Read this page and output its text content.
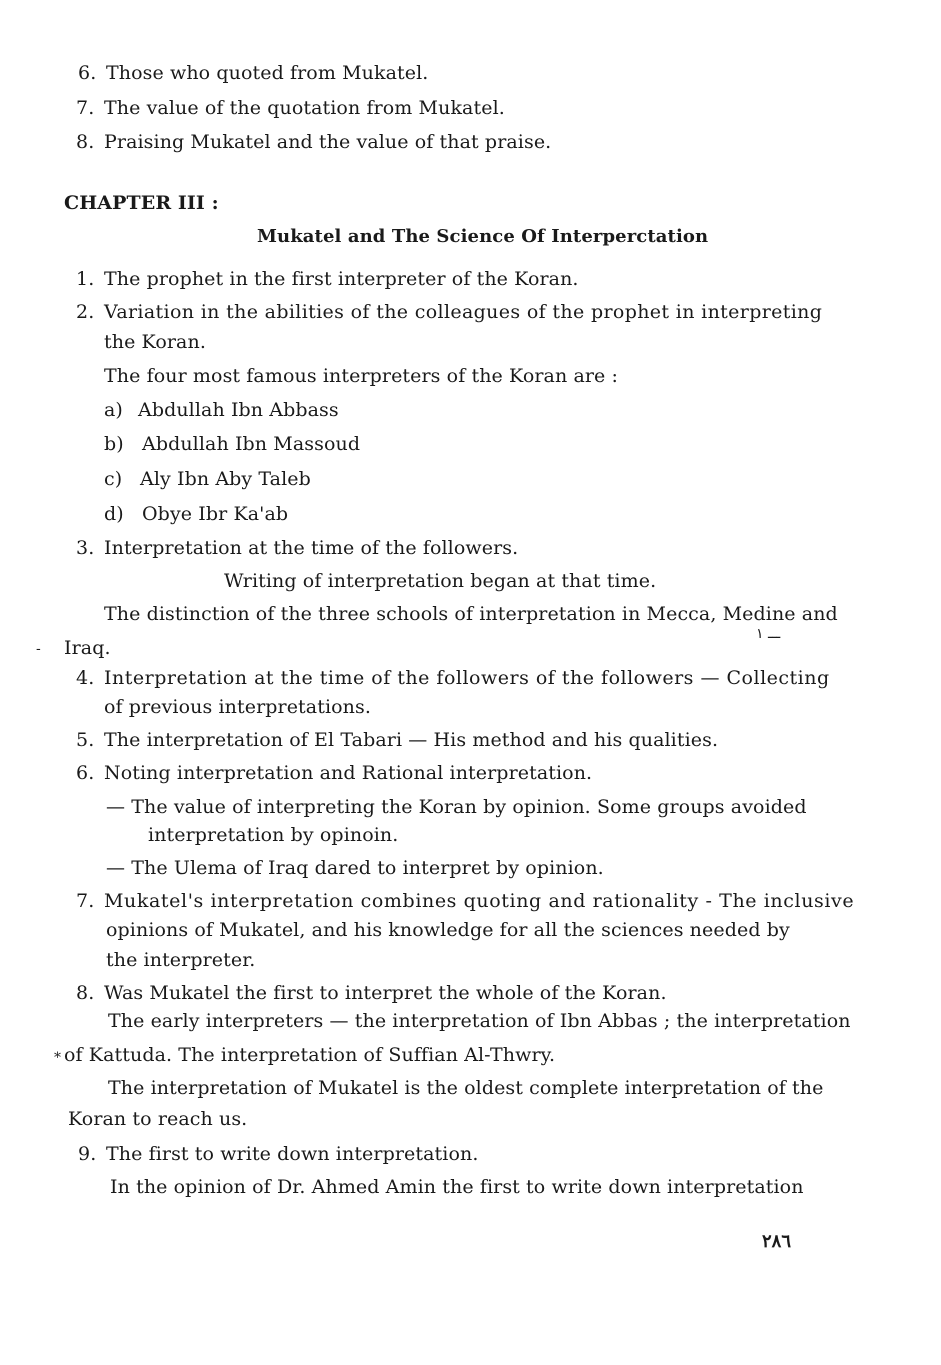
6. Those who quoted from Mukatel.
7. The value of the quotation from Mukatel.
8. Praising Mukatel and the value of that praise.
CHAPTER III :
Mukatel and The Science Of Interperctation
1. The prophet in the first interpreter of the Koran.
2. Variation in the abilities of the colleagues of the prophet in interpreting
the Koran.
The four most famous interpreters of the Koran are :
a) Abdullah Ibn Abbass
b) Abdullah Ibn Massoud
c) Aly Ibn Aby Taleb
d) Obye Ibr Ka'ab
3. Interpretation at the time of the followers.
Writing of interpretation began at that time.
The distinction of the three schools of interpretation in Mecca, Medine and
ـــ ١
- Iraq.
4. Interpretation at the time of the followers of the followers — Collecting
of previous interpretations.
5. The interpretation of El Tabari — His method and his qualities.
6. Noting interpretation and Rational interpretation.
— The value of interpreting the Koran by opinion. Some groups avoided
interpretation by opinoin.
— The Ulema of Iraq dared to interpret by opinion.
7. Mukatel's interpretation combines quoting and rationality - The inclusive
opinions of Mukatel, and his knowledge for all the sciences needed by
the interpreter.
8. Was Mukatel the first to interpret the whole of the Koran.
The early interpreters — the interpretation of Ibn Abbas ; the interpretation
* of Kattuda. The interpretation of Suffian Al-Thwry.
The interpretation of Mukatel is the oldest complete interpretation of the
Koran to reach us.
9. The first to write down interpretation.
In the opinion of Dr. Ahmed Amin the first to write down interpretation
٢٨٦
